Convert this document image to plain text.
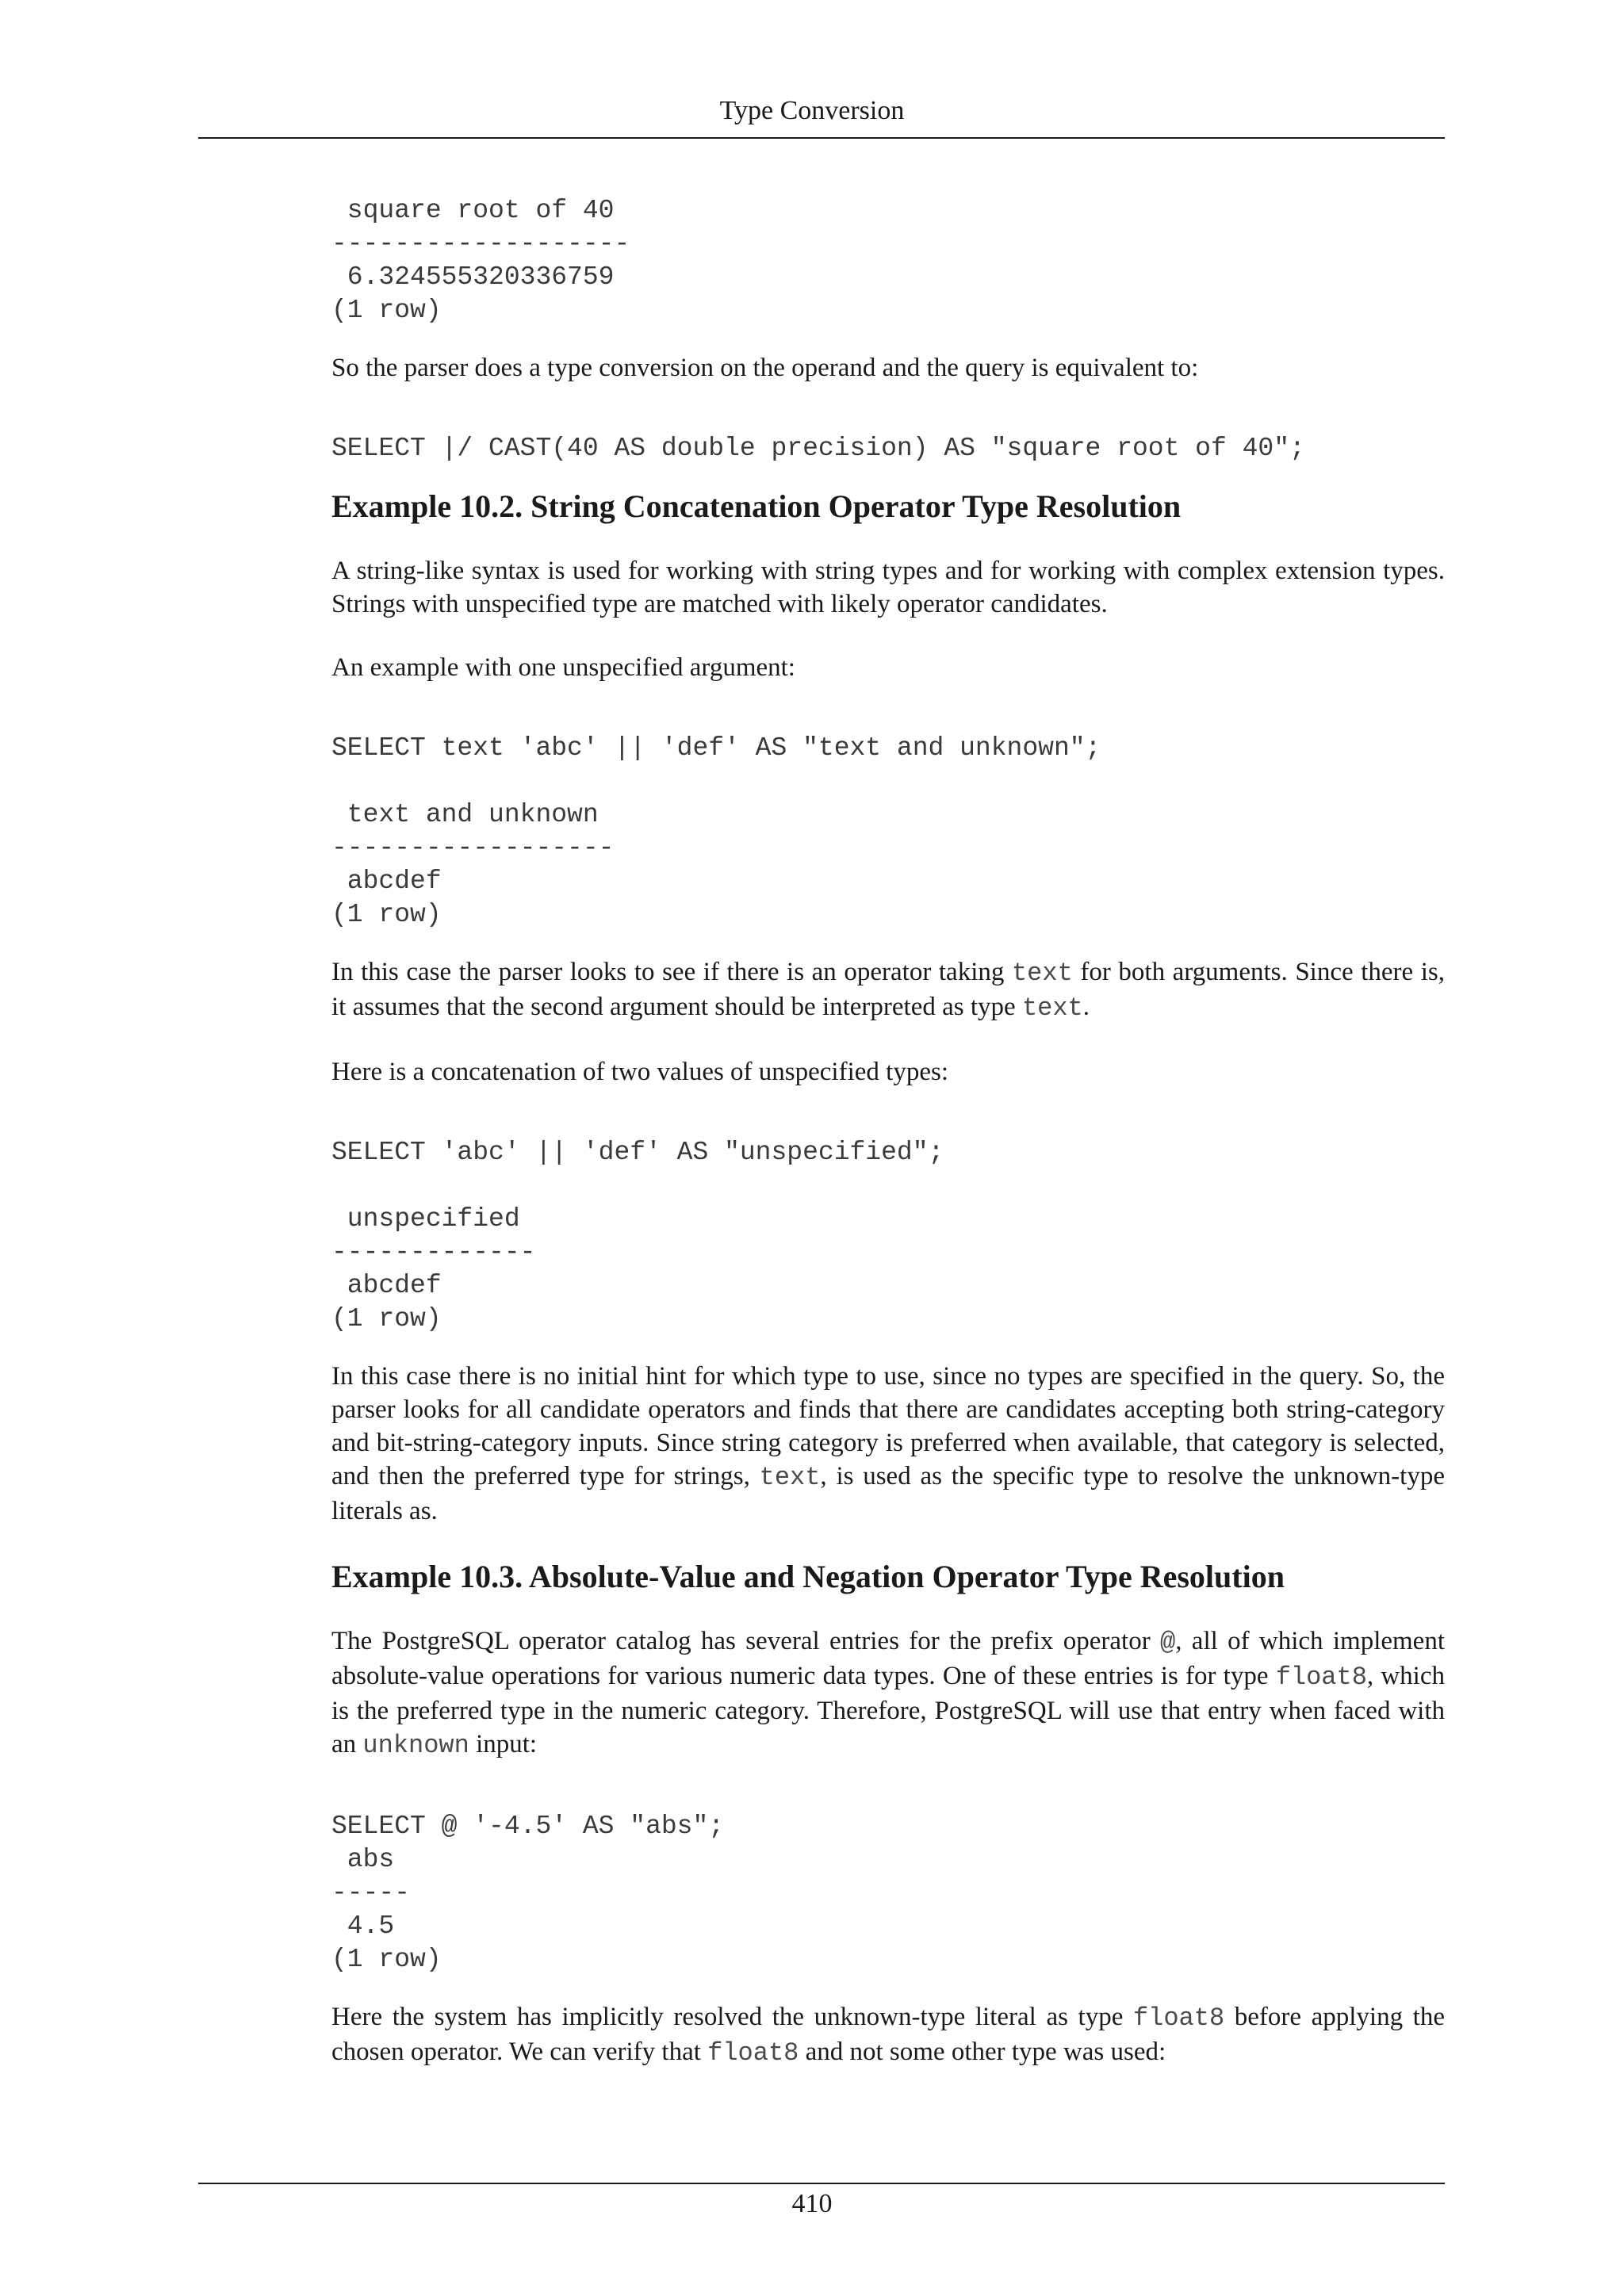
Type Conversion
square root of 40
-------------------
6.324555320336759
(1 row)

So the parser does a type conversion on the operand and the query is equivalent to:

SELECT |/ CAST(40 AS double precision) AS "square root of 40";
Example 10.2. String Concatenation Operator Type Resolution

A string-like syntax is used for working with string types and for working with complex extension types. Strings with unspecified type are matched with likely operator candidates.

An example with one unspecified argument:

SELECT text 'abc' || 'def' AS "text and unknown";
text and unknown
------------------
abcdef
(1 row)

In this case the parser looks to see if there is an operator taking text for both arguments. Since there is, it assumes that the second argument should be interpreted as type text.

Here is a concatenation of two values of unspecified types:

SELECT 'abc' || 'def' AS "unspecified";
unspecified
-------------
abcdef
(1 row)

In this case there is no initial hint for which type to use, since no types are specified in the query. So, the parser looks for all candidate operators and finds that there are candidates accepting both string-category and bit-string-category inputs. Since string category is preferred when available, that category is selected, and then the preferred type for strings, text, is used as the specific type to resolve the unknown-type literals as.

Example 10.3. Absolute-Value and Negation Operator Type Resolution

The PostgreSQL operator catalog has several entries for the prefix operator @, all of which implement absolute-value operations for various numeric data types. One of these entries is for type float8, which is the preferred type in the numeric category. Therefore, PostgreSQL will use that entry when faced with an unknown input:

SELECT @ '-4.5' AS "abs";
abs
-----
4.5
(1 row)

Here the system has implicitly resolved the unknown-type literal as type float8 before applying the chosen operator. We can verify that float8 and not some other type was used:

410
